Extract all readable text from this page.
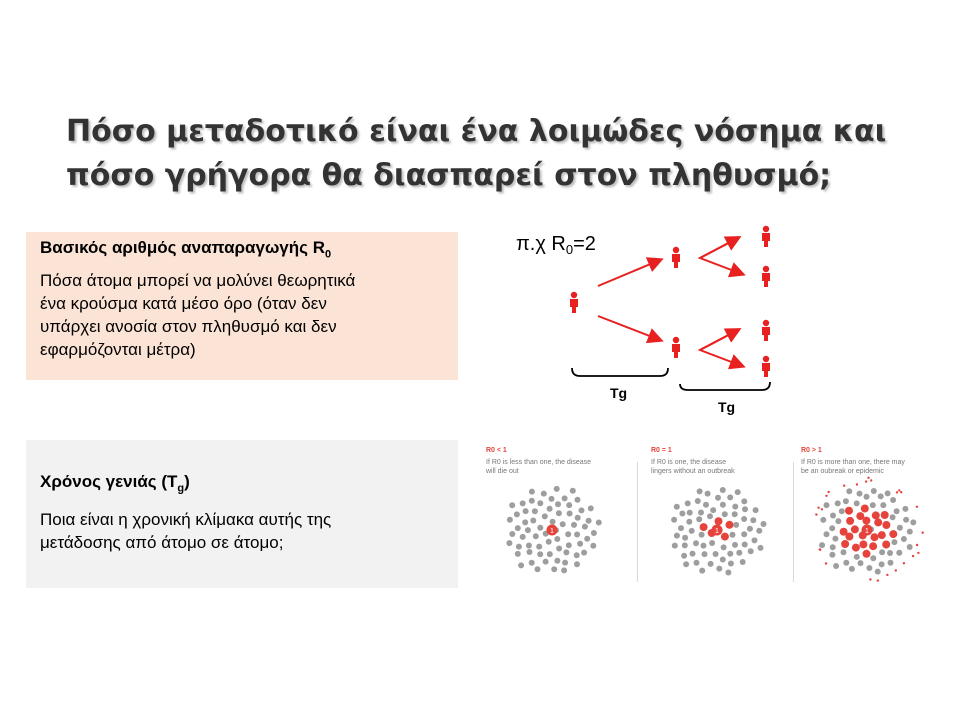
Πόσο μεταδοτικό είναι ένα λοιμώδες νόσημα και
πόσο γρήγορα θα διασπαρεί στον πληθυσμό;
Βασικός αριθμός αναπαραγωγής $R_0$
Πόσα άτομα μπορεί να μολύνει θεωρητικά
ένα κρούσμα κατά μέσο όρο (όταν δεν
υπάρχει ανοσία στον πληθυσμό και δεν
εφαρμόζονται μέτρα)
Χρόνος γενιάς $(T_g)$
Ποια είναι η χρονική κλίμακα αυτής της
μετάδοσης από άτομο σε άτομο;
π.χ $R_0=2$
Tg
Tg
R0 < 1
If R0 is less than one, the disease
will die out
1
R0 = 1
If R0 is one, the disease
lingers without an outbreak
1
R0 > 1
If R0 is more than one, there may
be an oubreak or epidemic
1
